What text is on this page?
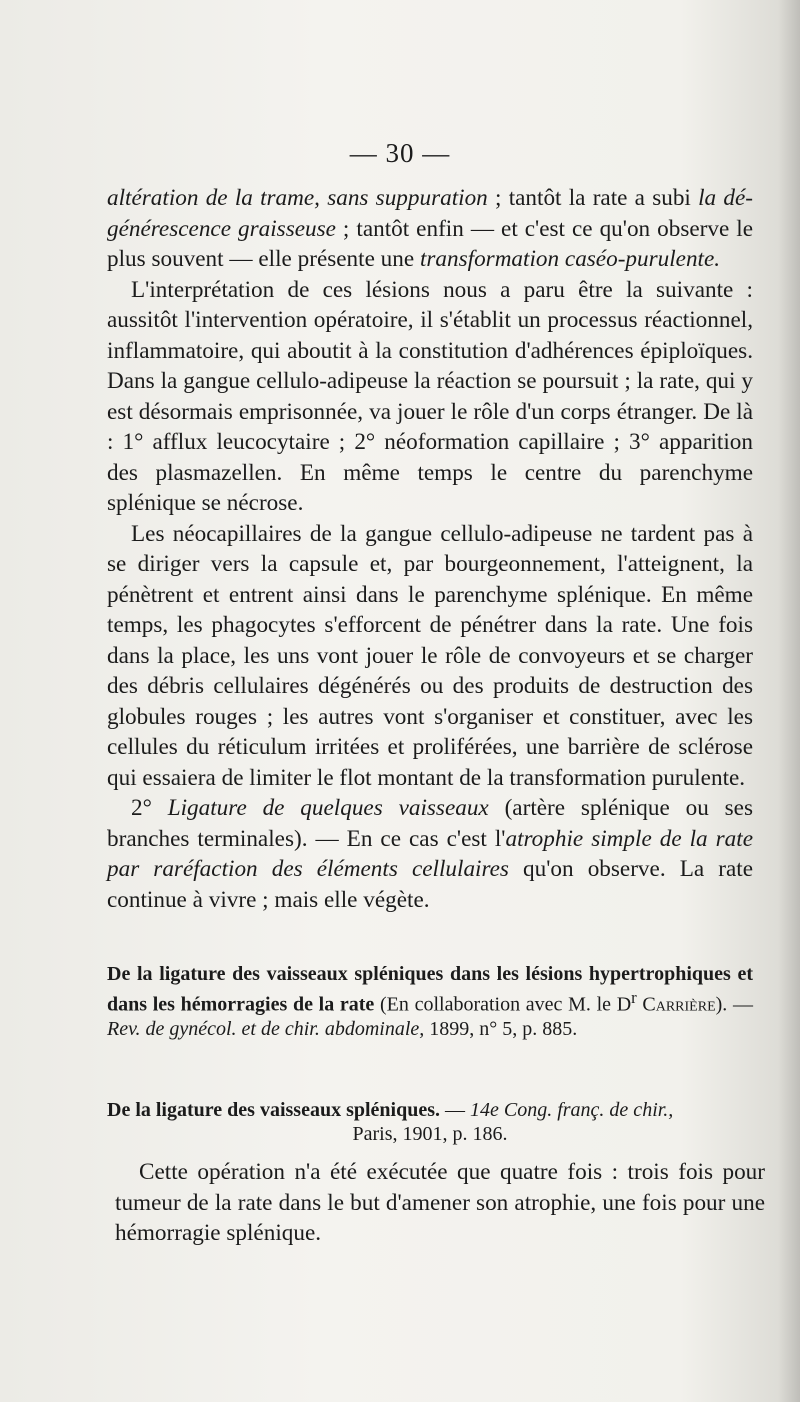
— 30 —

altération de la trame, sans suppuration ; tantôt la rate a subi la dé- générescence graisseuse ; tantôt enfin — et c'est ce qu'on observe le plus souvent — elle présente une transformation caséo-purulente.

L'interprétation de ces lésions nous a paru être la suivante : aussitôt l'intervention opératoire, il s'établit un processus réactionnel, inflammatoire, qui aboutit à la constitution d'adhérences épiploïques. Dans la gangue cellulo-adipeuse la réaction se poursuit ; la rate, qui y est désormais emprisonnée, va jouer le rôle d'un corps étranger. De là : 1° afflux leucocytaire ; 2° néoformation capillaire ; 3° apparition des plasmazellen. En même temps le centre du parenchyme splénique se nécrose.

Les néocapillaires de la gangue cellulo-adipeuse ne tardent pas à se diriger vers la capsule et, par bourgeonnement, l'atteignent, la pénètrent et entrent ainsi dans le parenchyme splénique. En même temps, les phagocytes s'efforcent de pénétrer dans la rate. Une fois dans la place, les uns vont jouer le rôle de convoyeurs et se charger des débris cellulaires dégénérés ou des produits de destruction des globules rouges ; les autres vont s'organiser et constituer, avec les cellules du réticulum irritées et proliférées, une barrière de sclérose qui essaiera de limiter le flot montant de la transformation purulente.

2° Ligature de quelques vaisseaux (artère splénique ou ses branches terminales). — En ce cas c'est l'atrophie simple de la rate par raréfaction des éléments cellulaires qu'on observe. La rate continue à vivre ; mais elle végète.

De la ligature des vaisseaux spléniques dans les lésions hypertrophiques et dans les hémorragies de la rate (En collaboration avec M. le $D^r$ Carrière). — Rev. de gynécol. et de chir. abdominale, 1899, n° 5, p. 885.
De la ligature des vaisseaux spléniques. — 14e Cong. franç. de chir.,
Paris, 1901, p. 186.

Cette opération n'a été exécutée que quatre fois : trois fois pour tumeur de la rate dans le but d'amener son atrophie, une fois pour une hémorragie splénique.
